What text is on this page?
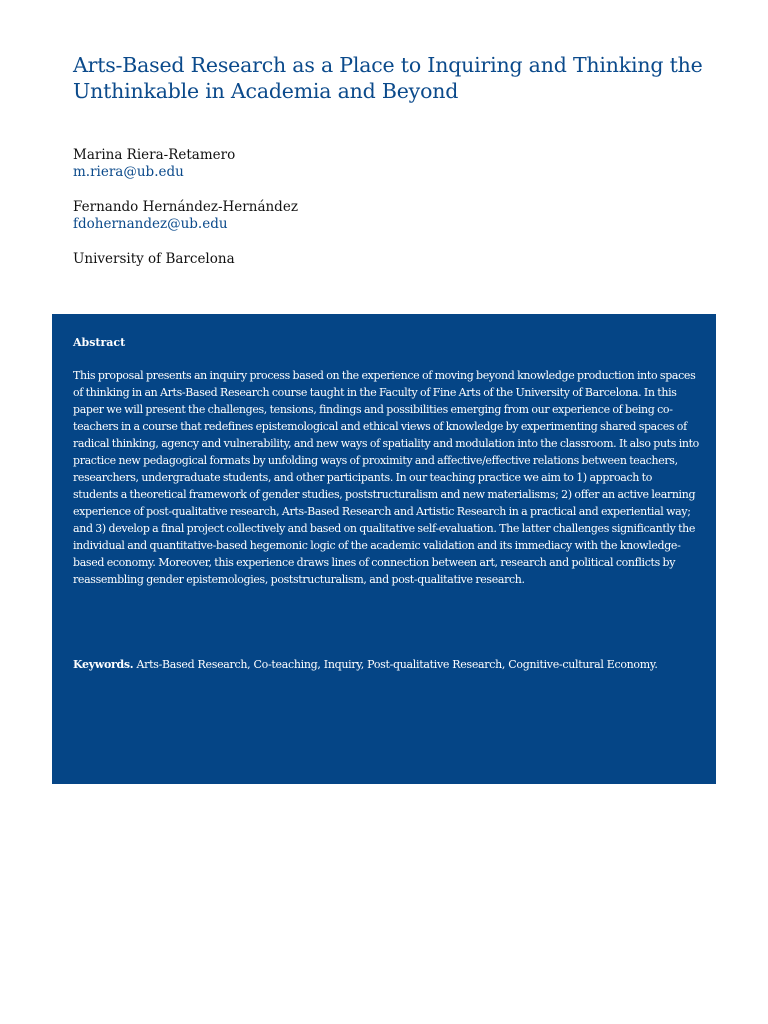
Arts-Based Research as a Place to Inquiring and Thinking the Unthinkable in Academia and Beyond
Marina Riera-Retamero
m.riera@ub.edu
Fernando Hernández-Hernández
fdohernandez@ub.edu
University of Barcelona
Abstract

This proposal presents an inquiry process based on the experience of moving beyond knowledge production into spaces of thinking in an Arts-Based Research course taught in the Faculty of Fine Arts of the University of Barcelona. In this paper we will present the challenges, tensions, findings and possibilities emerging from our experience of being co-teachers in a course that redefines epistemological and ethical views of knowledge by experimenting shared spaces of radical thinking, agency and vulnerability, and new ways of spatiality and modulation into the classroom. It also puts into practice new pedagogical formats by unfolding ways of proximity and affective/effective relations between teachers, researchers, undergraduate students, and other participants. In our teaching practice we aim to 1) approach to students a theoretical framework of gender studies, poststructuralism and new materialisms; 2) offer an active learning experience of post-qualitative research, Arts-Based Research and Artistic Research in a practical and experiential way; and 3) develop a final project collectively and based on qualitative self-evaluation. The latter challenges significantly the individual and quantitative-based hegemonic logic of the academic validation and its immediacy with the knowledge-based economy. Moreover, this experience draws lines of connection between art, research and political conflicts by reassembling gender epistemologies, poststructuralism, and post-qualitative research.

Keywords. Arts-Based Research, Co-teaching, Inquiry, Post-qualitative Research, Cognitive-cultural Economy.
